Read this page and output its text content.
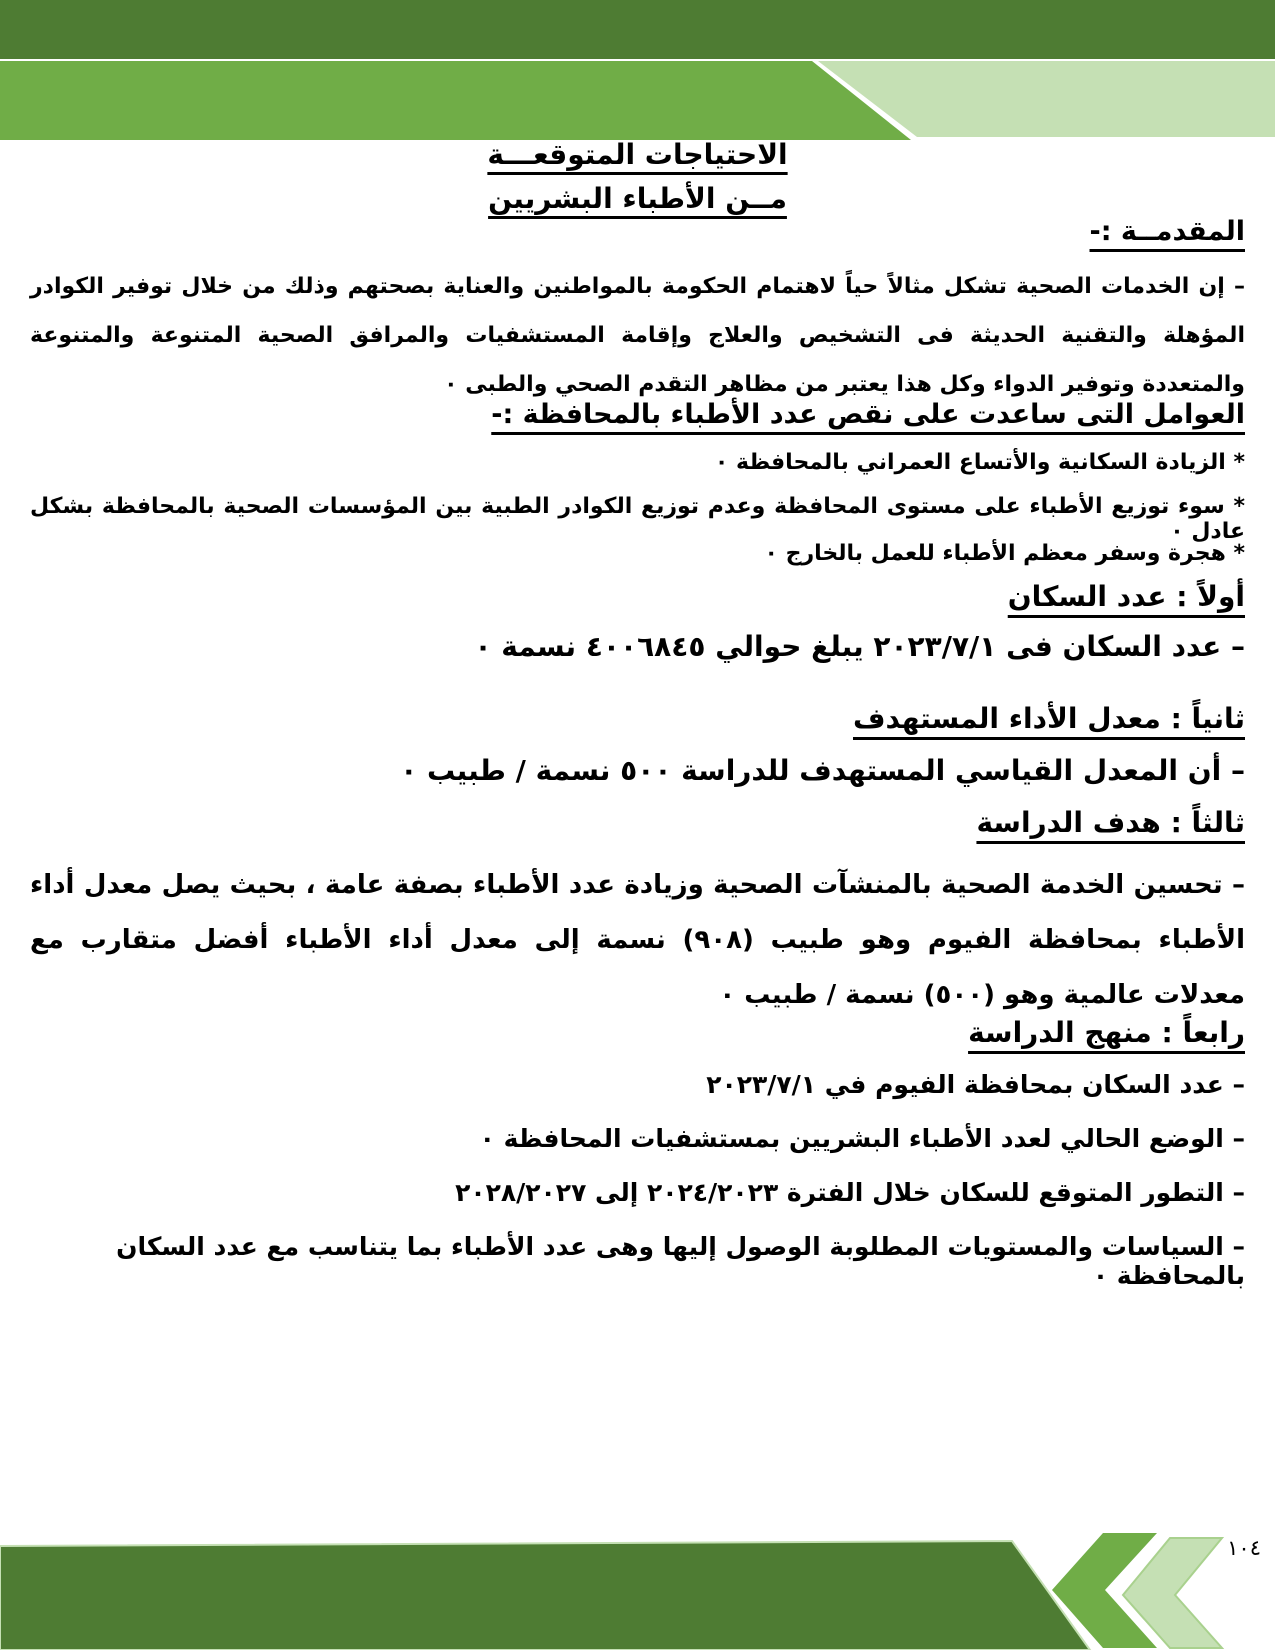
الاحتياجات المتوقعـــة
مــن الأطباء البشريين
المقدمــة :-
– إن الخدمات الصحية تشكل مثالاً حياً لاهتمام الحكومة بالمواطنين والعناية بصحتهم وذلك من خلال توفير الكوادر المؤهلة والتقنية الحديثة فى التشخيص والعلاج وإقامة المستشفيات والمرافق الصحية المتنوعة والمتنوعة والمتعددة وتوفير الدواء وكل هذا يعتبر من مظاهر التقدم الصحي والطبى ٠
العوامل التى ساعدت على نقص عدد الأطباء بالمحافظة :-
* الزيادة السكانية والأتساع العمراني بالمحافظة ٠
* سوء توزيع الأطباء على مستوى المحافظة وعدم توزيع الكوادر الطبية بين المؤسسات الصحية بالمحافظة بشكل عادل ٠
* هجرة وسفر معظم الأطباء للعمل بالخارج ٠
أولاً : عدد السكان
– عدد السكان فى ٢٠٢٣/٧/١ يبلغ حوالي ٤٠٠٦٨٤٥ نسمة ٠
ثانياً : معدل الأداء المستهدف
– أن المعدل القياسي المستهدف للدراسة ٥٠٠ نسمة / طبيب ٠
ثالثاً : هدف الدراسة
– تحسين الخدمة الصحية بالمنشآت الصحية وزيادة عدد الأطباء بصفة عامة ، بحيث يصل معدل أداء الأطباء بمحافظة الفيوم وهو طبيب (٩٠٨) نسمة إلى معدل أداء الأطباء أفضل متقارب مع معدلات عالمية وهو (٥٠٠) نسمة / طبيب ٠
رابعاً : منهج الدراسة
– عدد السكان بمحافظة الفيوم في ٢٠٢٣/٧/١
– الوضع الحالي لعدد الأطباء البشريين بمستشفيات المحافظة ٠
– التطور المتوقع للسكان خلال الفترة ٢٠٢٤/٢٠٢٣ إلى ٢٠٢٨/٢٠٢٧
– السياسات والمستويات المطلوبة الوصول إليها وهى عدد الأطباء بما يتناسب مع عدد السكان بالمحافظة ٠
١٠٤
